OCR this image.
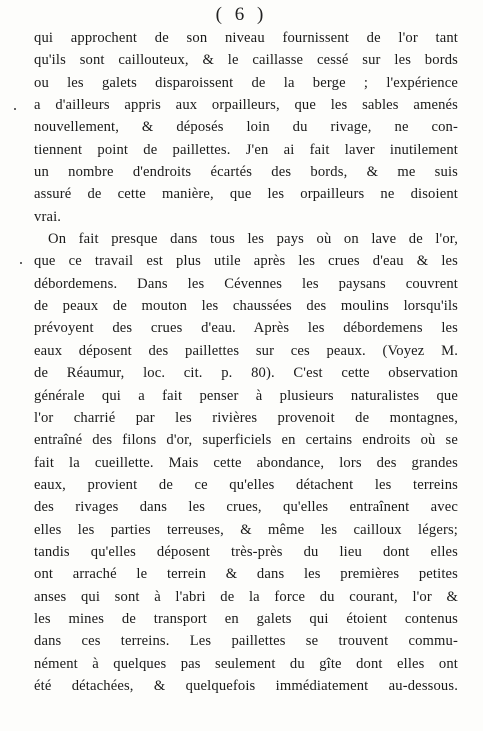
( 6 )
qui approchent de son niveau fournissent de l'or tant
qu'ils sont caillouteux, & le caillasse cessé sur les bords
ou les galets disparoissent de la berge ; l'expérience
a d'ailleurs appris aux orpailleurs, que les sables amenés
nouvellement, & déposés loin du rivage, ne con-
tiennent point de paillettes. J'en ai fait laver inutilement
un nombre d'endroits écartés des bords, & me suis
assuré de cette manière, que les orpailleurs ne disoient
vrai.
On fait presque dans tous les pays où on lave de l'or,
que ce travail est plus utile après les crues d'eau & les
débordemens. Dans les Cévennes les paysans couvrent
de peaux de mouton les chaussées des moulins lorsqu'ils
prévoyent des crues d'eau. Après les débordemens les
eaux déposent des paillettes sur ces peaux. (Voyez M.
de Réaumur, loc. cit. p. 80). C'est cette observation
générale qui a fait penser à plusieurs naturalistes que
l'or charrié par les rivières provenoit de montagnes,
entraîné des filons d'or, superficiels en certains endroits où se
fait la cueillette. Mais cette abondance, lors des grandes
eaux, provient de ce qu'elles détachent les terreins
des rivages dans les crues, qu'elles entraînent avec
elles les parties terreuses, & même les cailloux légers;
tandis qu'elles déposent très-près du lieu dont elles
ont arraché le terrein & dans les premières petites
anses qui sont à l'abri de la force du courant, l'or &
les mines de transport en galets qui étoient contenus
dans ces terreins. Les paillettes se trouvent commu-
nément à quelques pas seulement du gîte dont elles ont
été détachées, & quelquefois immédiatement au-dessous.
